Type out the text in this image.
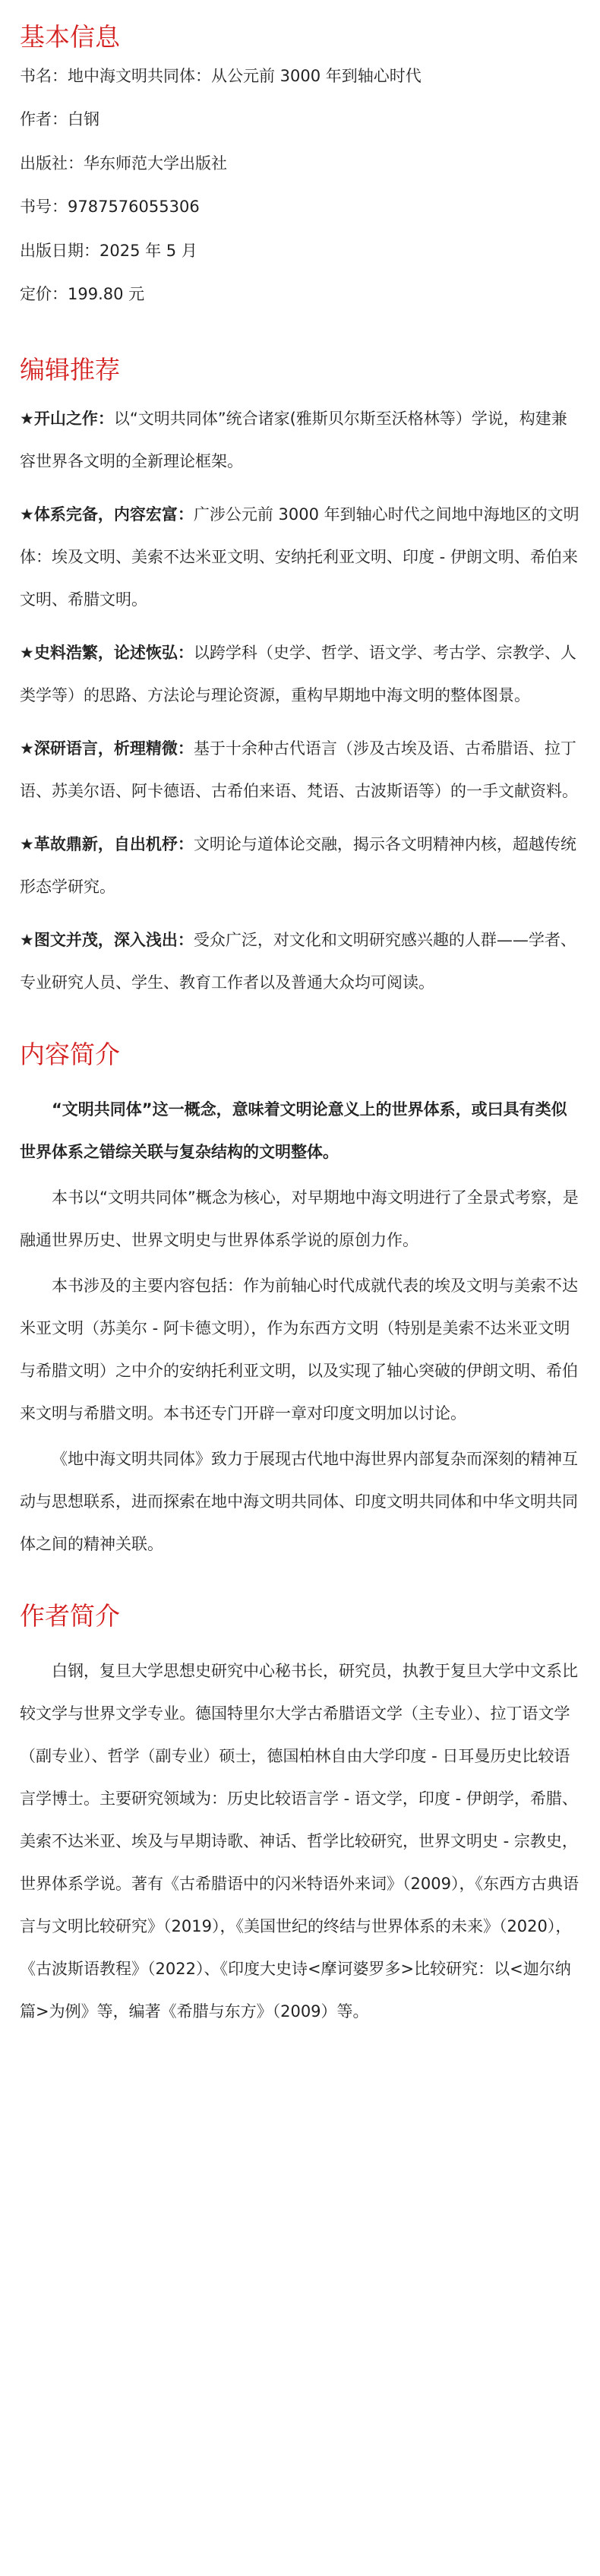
基本信息
书名：地中海文明共同体：从公元前 3000 年到轴心时代
作者：白钢
出版社：华东师范大学出版社
书号：9787576055306
出版日期：2025 年 5 月
定价：199.80 元
编辑推荐
★开山之作：以“文明共同体”统合诸家(雅斯贝尔斯至沃格林等）学说，构建兼容世界各文明的全新理论框架。
★体系完备，内容宏富：广涉公元前 3000 年到轴心时代之间地中海地区的文明体：埃及文明、美索不达米亚文明、安纳托利亚文明、印度 - 伊朗文明、希伯来文明、希腊文明。
★史料浩繁，论述恢弘：以跨学科（史学、哲学、语文学、考古学、宗教学、人类学等）的思路、方法论与理论资源，重构早期地中海文明的整体图景。
★深研语言，析理精微：基于十余种古代语言（涉及古埃及语、古希腊语、拉丁语、苏美尔语、阿卡德语、古希伯来语、梵语、古波斯语等）的一手文献资料。
★革故鼎新，自出机杼：文明论与道体论交融，揭示各文明精神内核，超越传统形态学研究。
★图文并茂，深入浅出：受众广泛，对文化和文明研究感兴趣的人群——学者、专业研究人员、学生、教育工作者以及普通大众均可阅读。
内容简介

“文明共同体”这一概念，意味着文明论意义上的世界体系，或曰具有类似世界体系之错综关联与复杂结构的文明整体。

本书以“文明共同体”概念为核心，对早期地中海文明进行了全景式考察，是融通世界历史、世界文明史与世界体系学说的原创力作。

本书涉及的主要内容包括：作为前轴心时代成就代表的埃及文明与美索不达米亚文明（苏美尔 - 阿卡德文明），作为东西方文明（特别是美索不达米亚文明与希腊文明）之中介的安纳托利亚文明，以及实现了轴心突破的伊朗文明、希伯来文明与希腊文明。本书还专门开辟一章对印度文明加以讨论。

《地中海文明共同体》致力于展现古代地中海世界内部复杂而深刻的精神互动与思想联系，进而探索在地中海文明共同体、印度文明共同体和中华文明共同体之间的精神关联。

作者简介

白钢，复旦大学思想史研究中心秘书长，研究员，执教于复旦大学中文系比较文学与世界文学专业。德国特里尔大学古希腊语文学（主专业）、拉丁语文学（副专业）、哲学（副专业）硕士，德国柏林自由大学印度 - 日耳曼历史比较语言学博士。主要研究领域为：历史比较语言学 - 语文学，印度 - 伊朗学，希腊、美索不达米亚、埃及与早期诗歌、神话、哲学比较研究，世界文明史 - 宗教史，世界体系学说。著有《古希腊语中的闪米特语外来词》（2009），《东西方古典语言与文明比较研究》（2019），《美国世纪的终结与世界体系的未来》（2020），《古波斯语教程》（2022）、《印度大史诗<摩诃婆罗多>比较研究：以<迦尔纳篇>为例》等，编著《希腊与东方》（2009）等。
